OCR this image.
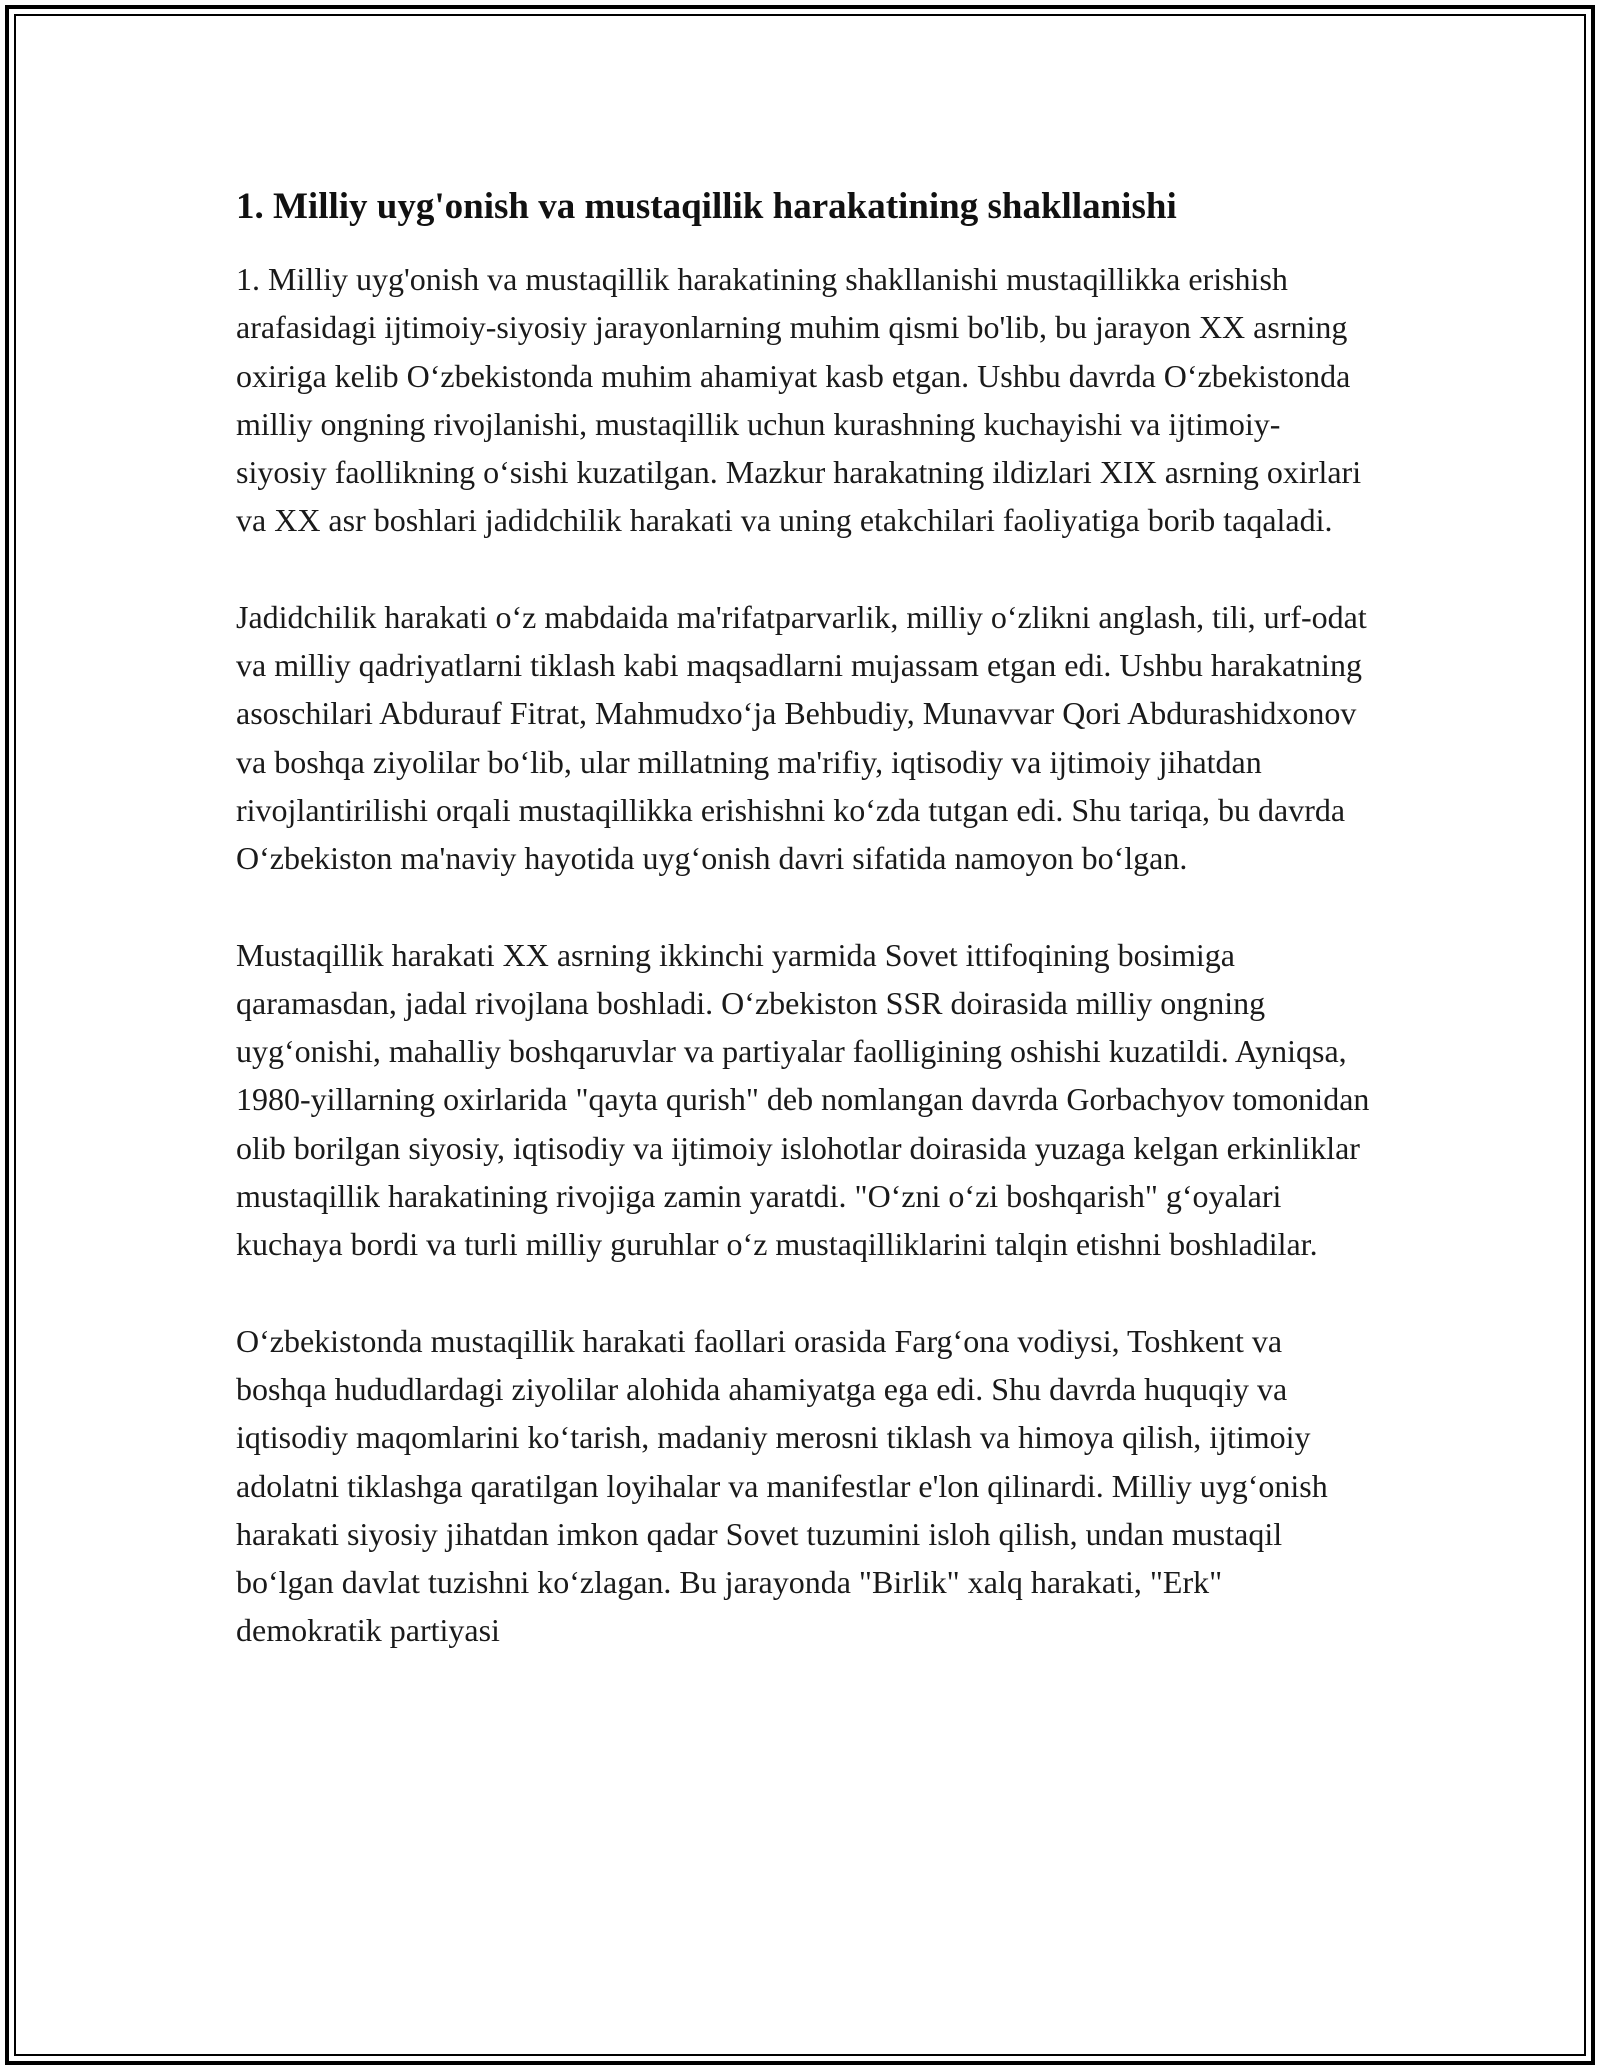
1. Milliy uyg'onish va mustaqillik harakatining shakllanishi

1. Milliy uyg'onish va mustaqillik harakatining shakllanishi mustaqillikka erishish arafasidagi ijtimoiy-siyosiy jarayonlarning muhim qismi bo'lib, bu jarayon XX asrning oxiriga kelib O‘zbekistonda muhim ahamiyat kasb etgan. Ushbu davrda O‘zbekistonda milliy ongning rivojlanishi, mustaqillik uchun kurashning kuchayishi va ijtimoiy-siyosiy faollikning o‘sishi kuzatilgan. Mazkur harakatning ildizlari XIX asrning oxirlari va XX asr boshlari jadidchilik harakati va uning etakchilari faoliyatiga borib taqaladi.

Jadidchilik harakati o‘z mabdaida ma'rifatparvarlik, milliy o‘zlikni anglash, tili, urf-odat va milliy qadriyatlarni tiklash kabi maqsadlarni mujassam etgan edi. Ushbu harakatning asoschilari Abdurauf Fitrat, Mahmudxo‘ja Behbudiy, Munavvar Qori Abdurashidxonov va boshqa ziyolilar bo‘lib, ular millatning ma'rifiy, iqtisodiy va ijtimoiy jihatdan rivojlantirilishi orqali mustaqillikka erishishni ko‘zda tutgan edi. Shu tariqa, bu davrda O‘zbekiston ma'naviy hayotida uyg‘onish davri sifatida namoyon bo‘lgan.

Mustaqillik harakati XX asrning ikkinchi yarmida Sovet ittifoqining bosimiga qaramasdan, jadal rivojlana boshladi. O‘zbekiston SSR doirasida milliy ongning uyg‘onishi, mahalliy boshqaruvlar va partiyalar faolligining oshishi kuzatildi. Ayniqsa, 1980-yillarning oxirlarida "qayta qurish" deb nomlangan davrda Gorbachyov tomonidan olib borilgan siyosiy, iqtisodiy va ijtimoiy islohotlar doirasida yuzaga kelgan erkinliklar mustaqillik harakatining rivojiga zamin yaratdi. "O‘zni o‘zi boshqarish" g‘oyalari kuchaya bordi va turli milliy guruhlar o‘z mustaqilliklarini talqin etishni boshladilar.

O‘zbekistonda mustaqillik harakati faollari orasida Farg‘ona vodiysi, Toshkent va boshqa hududlardagi ziyolilar alohida ahamiyatga ega edi. Shu davrda huquqiy va iqtisodiy maqomlarini ko‘tarish, madaniy merosni tiklash va himoya qilish, ijtimoiy adolatni tiklashga qaratilgan loyihalar va manifestlar e'lon qilinardi. Milliy uyg‘onish harakati siyosiy jihatdan imkon qadar Sovet tuzumini isloh qilish, undan mustaqil bo‘lgan davlat tuzishni ko‘zlagan. Bu jarayonda "Birlik" xalq harakati, "Erk" demokratik partiyasi
